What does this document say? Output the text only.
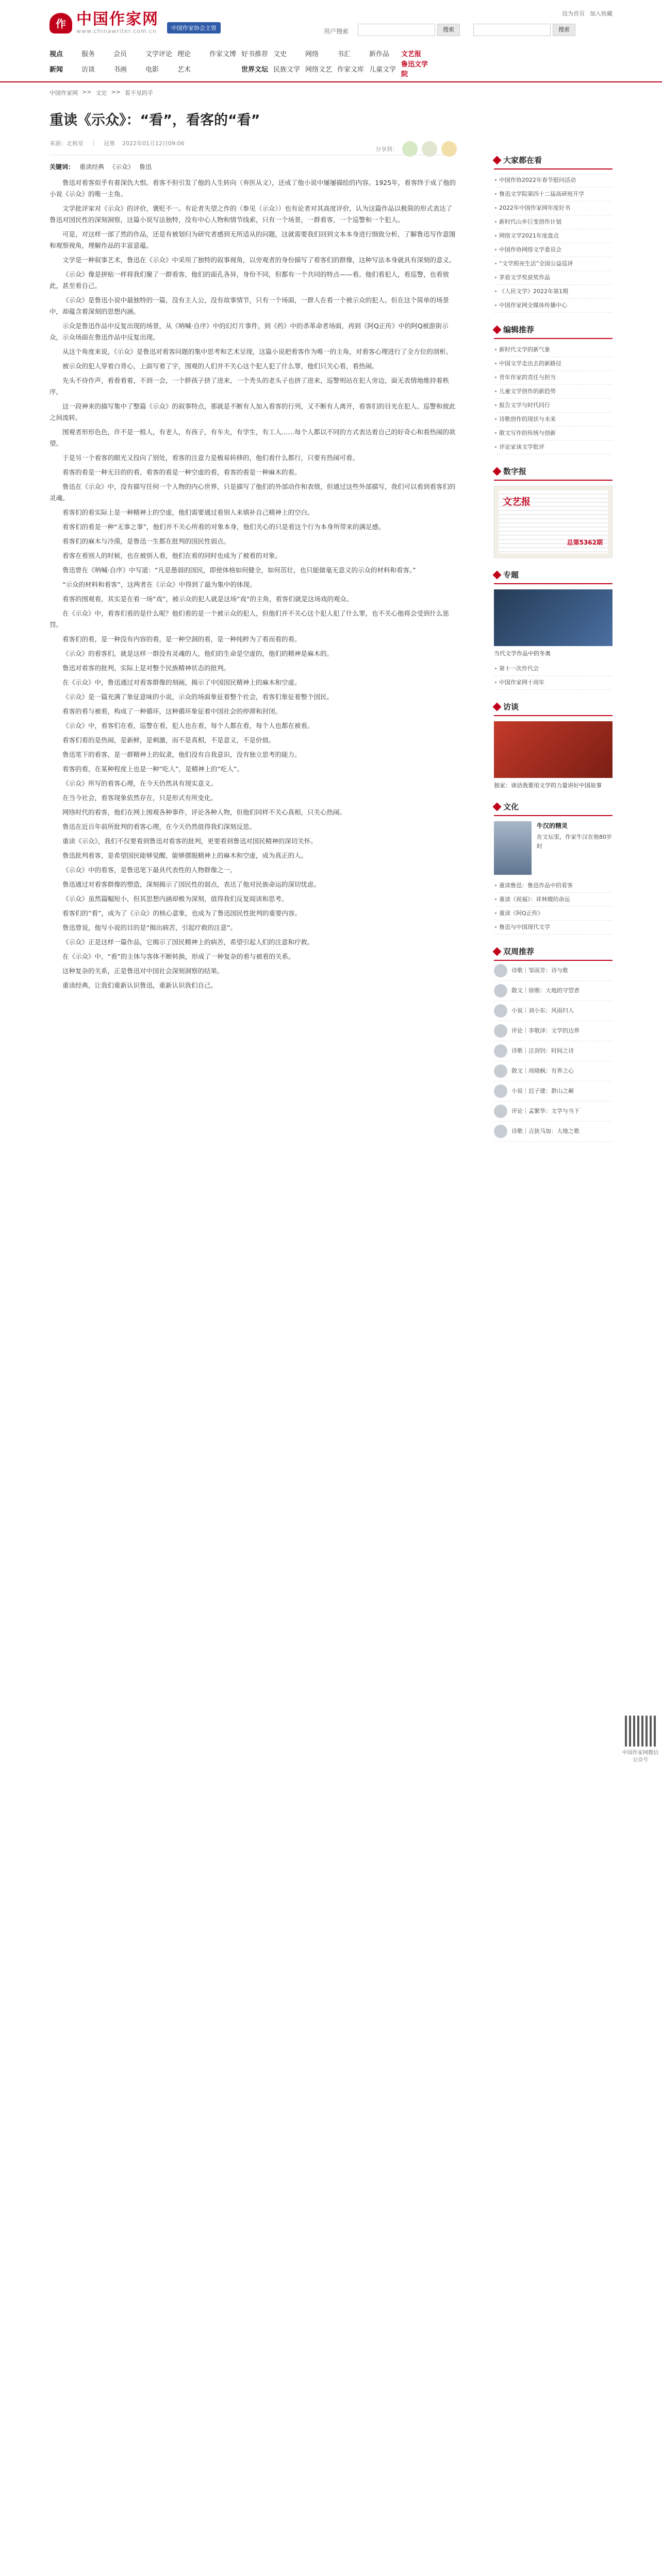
作 中国作家网
www.chinawriter.com.cn	中国作家协会主管
设为首页 加入收藏
用户搜索	搜索	搜索
视点	服务	会员	文学评论 理论	作家文博 好书推荐 文史	网络	书汇	新作品	文艺报
新闻	访谈	书画	电影	艺术	世界文坛 民族文学 网络文艺 作家文库 儿童文学
鲁迅文学院
中国作家网 >> 文史 >> 看不见的手
重读《示众》：“看”，看客的“看”
来源：北极星 ｜ 冠尊 2022年01月12日09:06
分享到：
关键词： 重读经典 《示众》 鲁迅

鲁迅对看客似乎有着深仇大恨。看客不但引发了他的人生转向（弃医从文），还成了他小说中屡屡描绘的内容。1925年，看客终于成了他的小说《示众》的唯一主角。

文学批评家对《示众》的评价，褒贬不一。有论者失望之作的（参见（示众））也有论者对其高度评价，认为这篇作品以极简的形式表达了鲁迅对国民性的深刻洞察，这篇小说写法独特，没有中心人物和情节线索，只有一个场景，一群看客，一个巡警和一个犯人。

可是，对这样一部了然的作品，还是有被划归为研究者感到无所适从的问题，这就需要我们回到文本本身进行细致分析，了解鲁迅写作意图和观察视角，理解作品的丰富意蕴。

文学是一种叙事艺术，鲁迅在《示众》中采用了独特的叙事视角，以旁观者的身份描写了看客们的群像，这种写法本身就具有深刻的意义。

《示众》像是拼贴一样将我们聚了一群看客，他们的面孔各异，身份不同，但都有一个共同的特点——看。他们看犯人，看巡警，也看彼此，甚至看自己。

《示众》是鲁迅小说中最独特的一篇，没有主人公，没有故事情节，只有一个场面，一群人在看一个被示众的犯人。但在这个简单的场景中，却蕴含着深刻的思想内涵。

示众是鲁迅作品中反复出现的场景，从《呐喊·自序》中的幻灯片事件，到《药》中的杀革命者场面，再到《阿Q正传》中的阿Q被游街示众，示众场面在鲁迅作品中反复出现。

从这个角度来说，《示众》是鲁迅对看客问题的集中思考和艺术呈现，这篇小说把看客作为唯一的主角，对看客心理进行了全方位的剖析。

被示众的犯人穿着白背心，上面写着了字，围观的人们并不关心这个犯人犯了什么罪，他们只关心看，看热闹。

先头不待作声，看看看着，不到一会，一个胖孩子挤了进来，一个秃头的老头子也挤了进来，巡警则站在犯人旁边，面无表情地维持着秩序。

这一段神来的描写集中了整篇《示众》的叙事特点，那就是不断有人加入看客的行列，又不断有人离开，看客们的目光在犯人、巡警和彼此之间流转。

围观者形形色色，许不是一般人，有老人，有孩子，有车夫，有学生，有工人……每个人都以不同的方式表达着自己的好奇心和看热闹的欲望。

于是另一个看客的眼光又投向了别处，看客的注意力是极易转移的，他们看什么都行，只要有热闹可看。

看客的看是一种无目的的看，看客的看是一种空虚的看，看客的看是一种麻木的看。

鲁迅在《示众》中，没有描写任何一个人物的内心世界，只是描写了他们的外部动作和表情，但通过这些外部描写，我们可以看到看客们的灵魂。

看客们的看实际上是一种精神上的空虚，他们需要通过看别人来填补自己精神上的空白。

看客们的看是一种“无事之事”，他们并不关心所看的对象本身，他们关心的只是看这个行为本身所带来的满足感。

看客们的麻木与冷漠，是鲁迅一生都在批判的国民性弱点。

看客在看别人的时候，也在被别人看，他们在看的同时也成为了被看的对象。

鲁迅曾在《呐喊·自序》中写道：“凡是愚弱的国民，即使体格如何健全，如何茁壮，也只能做毫无意义的示众的材料和看客。”

“示众的材料和看客”，这两者在《示众》中得到了最为集中的体现。

看客的围观看，其实是在看一场“戏”，被示众的犯人就是这场“戏”的主角，看客们就是这场戏的观众。

在《示众》中，看客们看的是什么呢？他们看的是一个被示众的犯人，但他们并不关心这个犯人犯了什么罪，也不关心他将会受到什么惩罚。

看客们的看，是一种没有内容的看，是一种空洞的看，是一种纯粹为了看而看的看。

《示众》的看客们，就是这样一群没有灵魂的人，他们的生命是空虚的，他们的精神是麻木的。

鲁迅对看客的批判，实际上是对整个民族精神状态的批判。

在《示众》中，鲁迅通过对看客群像的刻画，揭示了中国国民精神上的麻木和空虚。

《示众》是一篇充满了象征意味的小说，示众的场面象征着整个社会，看客们象征着整个国民。

看客的看与被看，构成了一种循环，这种循环象征着中国社会的停滞和封闭。

《示众》中，看客们在看，巡警在看，犯人也在看，每个人都在看，每个人也都在被看。

看客们看的是热闹，是新鲜，是刺激，而不是真相，不是意义，不是价值。

鲁迅笔下的看客，是一群精神上的奴隶，他们没有自我意识，没有独立思考的能力。

看客的看，在某种程度上也是一种“吃人”，是精神上的“吃人”。

《示众》所写的看客心理，在今天仍然具有现实意义。

在当今社会，看客现象依然存在，只是形式有所变化。

网络时代的看客，他们在网上围观各种事件，评论各种人物，但他们同样不关心真相，只关心热闹。

鲁迅在近百年前所批判的看客心理，在今天仍然值得我们深刻反思。

重读《示众》，我们不仅要看到鲁迅对看客的批判，更要看到鲁迅对国民精神的深切关怀。

鲁迅批判看客，是希望国民能够觉醒，能够摆脱精神上的麻木和空虚，成为真正的人。

《示众》中的看客，是鲁迅笔下最具代表性的人物群像之一。

鲁迅通过对看客群像的塑造，深刻揭示了国民性的弱点，表达了他对民族命运的深切忧虑。

《示众》虽然篇幅短小，但其思想内涵却极为深刻，值得我们反复阅读和思考。

看客们的“看”，成为了《示众》的核心意象，也成为了鲁迅国民性批判的重要内容。

鲁迅曾说，他写小说的目的是“揭出病苦，引起疗救的注意”。

《示众》正是这样一篇作品，它揭示了国民精神上的病苦，希望引起人们的注意和疗救。

在《示众》中，“看”的主体与客体不断转换，形成了一种复杂的看与被看的关系。

这种复杂的关系，正是鲁迅对中国社会深刻洞察的结果。

重读经典，让我们重新认识鲁迅，重新认识我们自己。

大家都在看
中国作协2022年春节慰问活动
鲁迅文学院第四十二届高研班开学
2022年中国作家网年度好书
新时代山乡巨变创作计划
网络文学2021年度盘点
中国作协网络文学委员会
“文学照亮生活”全国公益巡讲
茅盾文学奖获奖作品
《人民文学》2022年第1期
中国作家网全媒体传播中心
编辑推荐
新时代文学的新气象
中国文学走出去的新路径
青年作家的责任与担当
儿童文学创作的新趋势
报告文学与时代同行
诗歌创作的现状与未来
散文写作的传统与创新
评论家谈文学批评
数字报
文艺报
总第5362期
专题
当代文学作品中的冬奥
第十一次作代会
中国作家网十周年
访谈
独家：谈话我要用文学的力量讲好中国故事
文化
牛汉的精灵
在文坛里，作家牛汉在他80岁时
重读鲁迅：鲁迅作品中的看客
重读《祝福》：祥林嫂的命运
重读《阿Q正传》
鲁迅与中国现代文学
双周推荐
诗歌｜邹雨芳：诗与歌
散文｜徐刚：大地的守望者
小说｜刘小东：风雨归人
评论｜李敬泽：文学的边界
诗歌｜汪剑钊：时间之诗
散文｜周晓枫：有界之心
小说｜迟子建：群山之巅
评论｜孟繁华：文学与当下
诗歌｜吉狄马加：大地之歌
中国作家网微信公众号
